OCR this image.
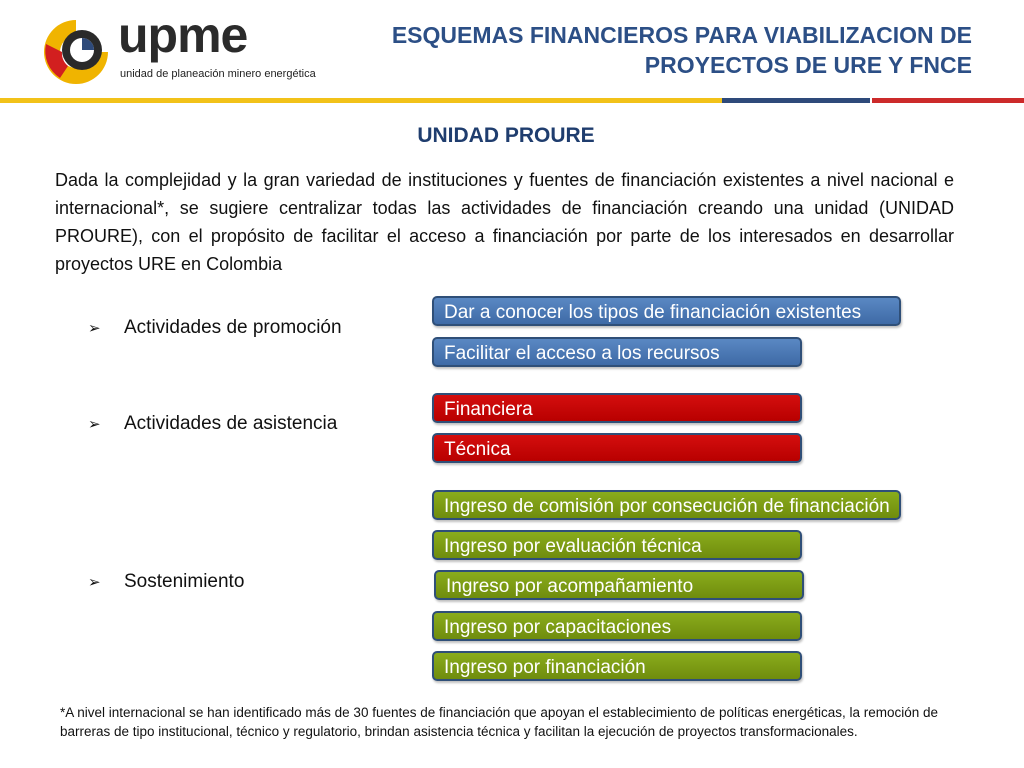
upme
unidad de planeación minero energética
ESQUEMAS FINANCIEROS PARA VIABILIZACION DE PROYECTOS DE URE Y FNCE
UNIDAD PROURE
Dada la complejidad y la gran variedad de instituciones y fuentes de financiación existentes a nivel nacional e internacional*, se sugiere centralizar todas las actividades de financiación creando una unidad (UNIDAD PROURE), con el propósito de facilitar el acceso a financiación por parte de los interesados en desarrollar proyectos URE en Colombia
➢	Actividades de promoción
➢	Actividades de asistencia
➢	Sostenimiento
Dar a conocer los tipos de financiación existentes
Facilitar el acceso a los recursos
Financiera
Técnica
Ingreso de comisión por consecución de financiación
Ingreso por evaluación técnica
Ingreso por acompañamiento
Ingreso por capacitaciones
Ingreso por financiación
*A nivel internacional se han identificado más de 30 fuentes de financiación que apoyan el establecimiento de políticas energéticas, la remoción de barreras de tipo institucional, técnico y regulatorio, brindan asistencia técnica y facilitan la ejecución de proyectos transformacionales.
